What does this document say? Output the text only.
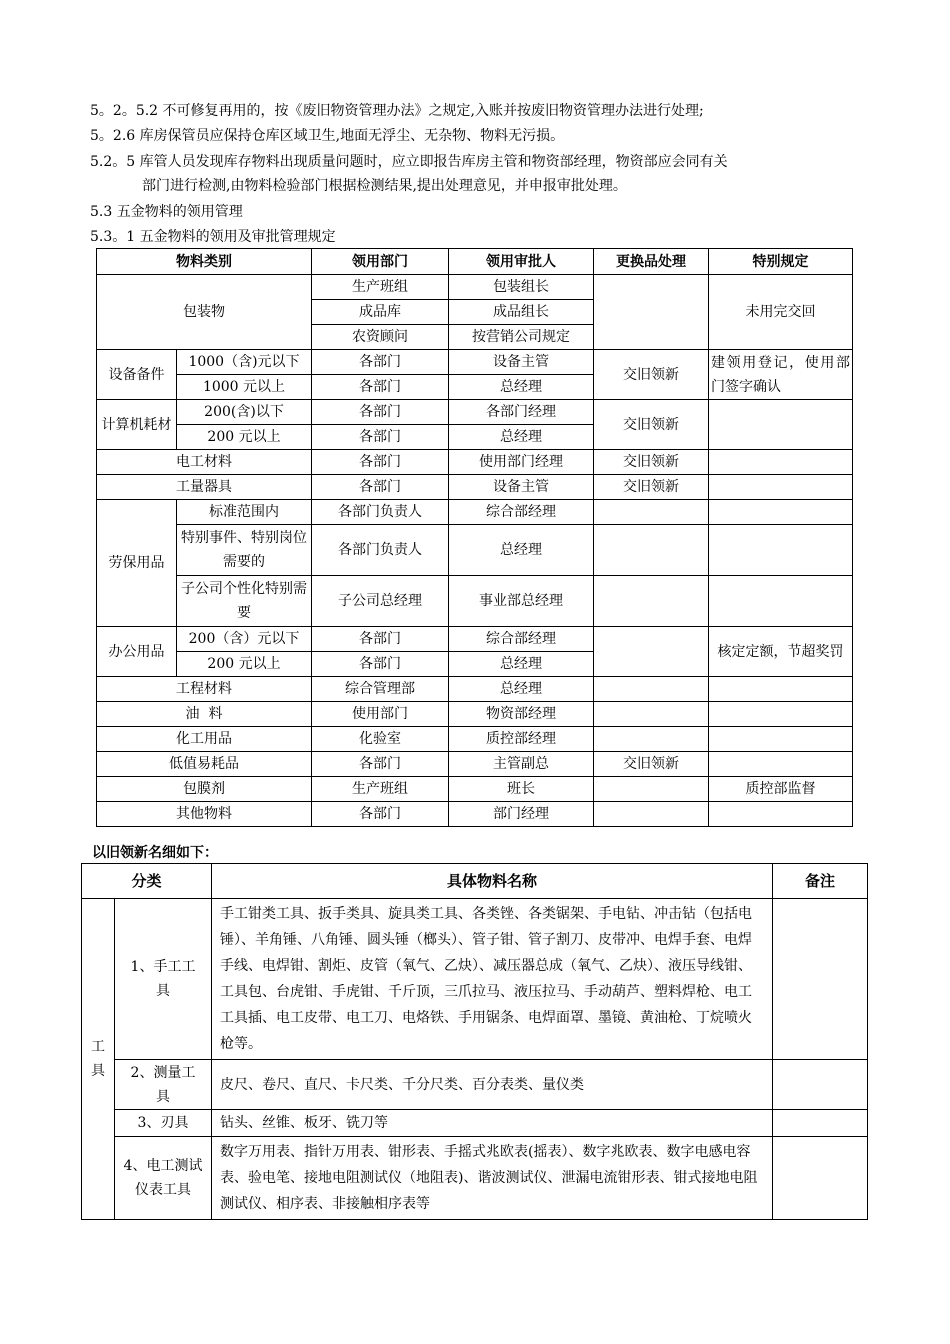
5。2。5.2 不可修复再用的，按《废旧物资管理办法》之规定,入账并按废旧物资管理办法进行处理;
5。2.6 库房保管员应保持仓库区域卫生,地面无浮尘、无杂物、物料无污损。
5.2。5 库管人员发现库存物料出现质量问题时，应立即报告库房主管和物资部经理，物资部应会同有关
部门进行检测,由物料检验部门根据检测结果,提出处理意见，并申报审批处理。
5.3 五金物料的领用管理
5.3。1 五金物料的领用及审批管理规定
物料类别		领用部门	领用审批人	更换品处理	特别规定
包装物		生产班组	包装组长		未用完交回
		成品库	成品组长		
		农资顾问	按营销公司规定		
设备备件	1000（含)元以下	各部门	设备主管	交旧领新	建领用登记，使用部门签字确认
	1000 元以上	各部门	总经理		
计算机耗材	200(含)以下	各部门	各部门经理	交旧领新	
	200 元以上	各部门	总经理		
电工材料		各部门	使用部门经理	交旧领新	
工量器具		各部门	设备主管	交旧领新	
劳保用品	标准范围内	各部门负责人	综合部经理		
	特别事件、特别岗位需要的	各部门负责人	总经理		
	子公司个性化特别需要	子公司总经理	事业部总经理		
办公用品	200（含）元以下	各部门	综合部经理		核定定额，节超奖罚
	200 元以上	各部门	总经理		
工程材料		综合管理部	总经理		
油  料		使用部门	物资部经理		
化工用品		化验室	质控部经理		
低值易耗品		各部门	主管副总	交旧领新	
包膜剂		生产班组	班长		质控部监督
其他物料		各部门	部门经理		
以旧领新名细如下：
分类		具体物料名称	备注
工具	1、手工工具	手工钳类工具、扳手类具、旋具类工具、各类锉、各类锯架、手电钻、冲击钻（包括电锤）、羊角锤、八角锤、圆头锤（榔头）、管子钳、管子割刀、皮带冲、电焊手套、电焊手线、电焊钳、割炬、皮管（氧气、乙炔）、减压器总成（氧气、乙炔）、液压导线钳、工具包、台虎钳、手虎钳、千斤顶，三爪拉马、液压拉马、手动葫芦、塑料焊枪、电工工具插、电工皮带、电工刀、电烙铁、手用锯条、电焊面罩、墨镜、黄油枪、丁烷喷火枪等。	
	2、测量工具	皮尺、卷尺、直尺、卡尺类、千分尺类、百分表类、量仪类	
	3、刃具	钻头、丝锥、板牙、铣刀等	
	4、电工测试仪表工具	数字万用表、指针万用表、钳形表、手摇式兆欧表(摇表）、数字兆欧表、数字电感电容表、验电笔、接地电阻测试仪（地阻表)、谐波测试仪、泄漏电流钳形表、钳式接地电阻测试仪、相序表、非接触相序表等	
